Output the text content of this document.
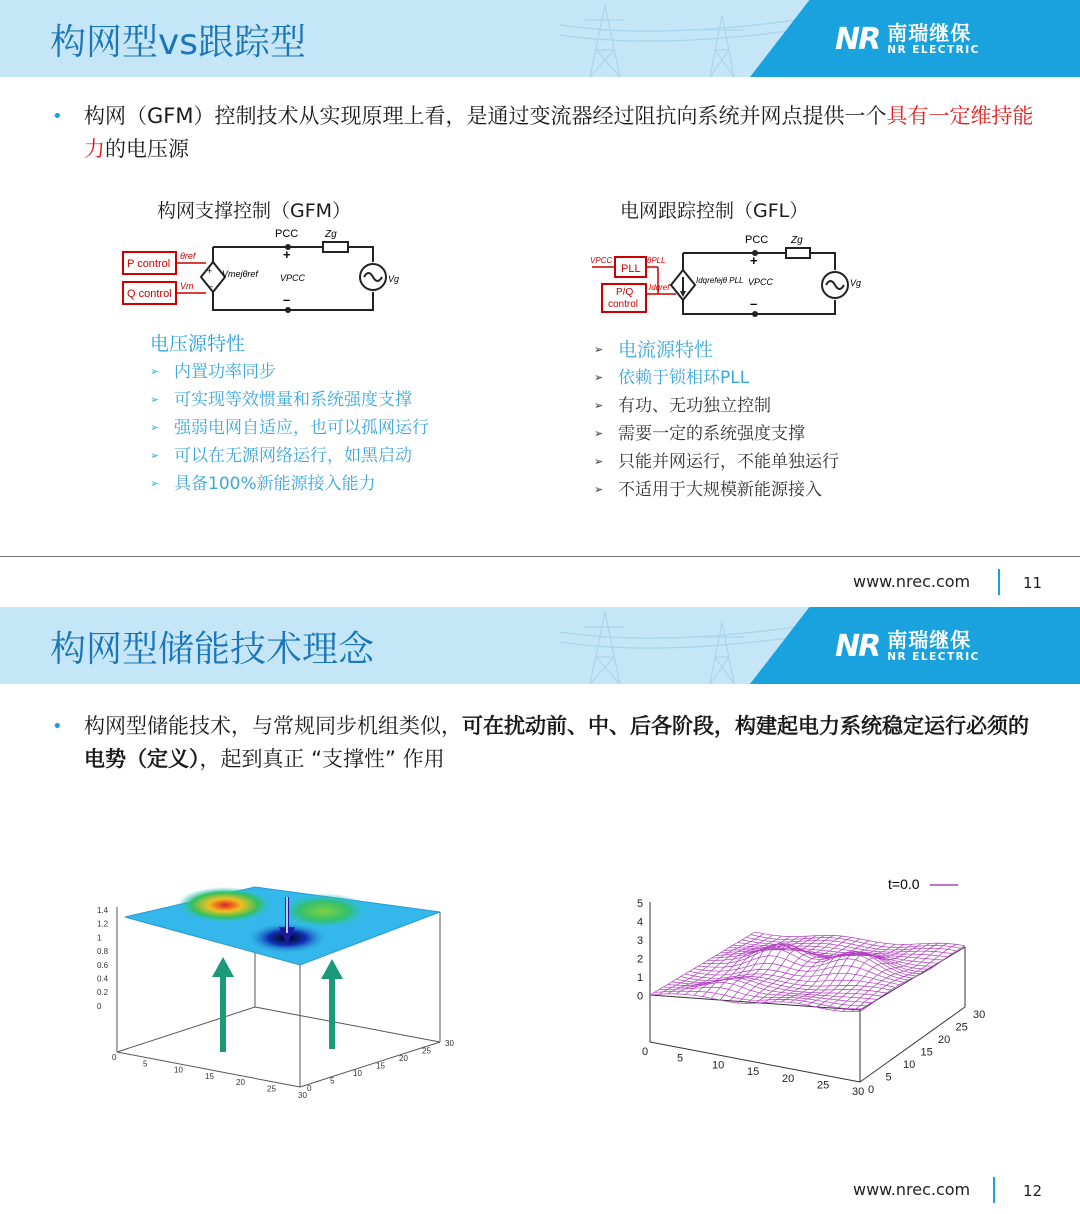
构网型vs跟踪型	NR 南瑞继保
NR ELECTRIC
• 构网（GFM）控制技术从实现原理上看，是通过变流器经过阻抗向系统并网点提供一个具有一定维持能力的电压源
构网支撑控制（GFM）	电网跟踪控制（GFL）
PCC	Zg
P control
Q control
θref
Vm
Vmejθref VPCC	Vg
+
–
+
–
PCC Zg
VPCC
PLL
P/Q
control
θPLL
Idqref
Idqrefejθ PLL VPCC	Vg
+
–
电压源特性
➢ 内置功率同步
➢ 可实现等效惯量和系统强度支撑
➢ 强弱电网自适应，也可以孤网运行
➢ 可以在无源网络运行，如黑启动
➢ 具备100%新能源接入能力
➢ 电流源特性
➢ 依赖于锁相环PLL
➢ 有功、无功独立控制
➢ 需要一定的系统强度支撑
➢ 只能并网运行，不能单独运行
➢ 不适用于大规模新能源接入
www.nrec.com	11
构网型储能技术理念	NR 南瑞继保
NR ELECTRIC
• 构网型储能技术，与常规同步机组类似，可在扰动前、中、后各阶段，构建起电力系统稳定运行必须的电势（定义），起到真正 “支撑性” 作用
1.4
1.2
1
0.8
0.6
0.4
0.2
0
0
5
10
15
20
25
30
0
5
10
15
20
25
30
t=0.0
5
4
3
2
1
0
0
5
10
15
20
25
30 0
5
10
15
20
25
30
www.nrec.com	12
